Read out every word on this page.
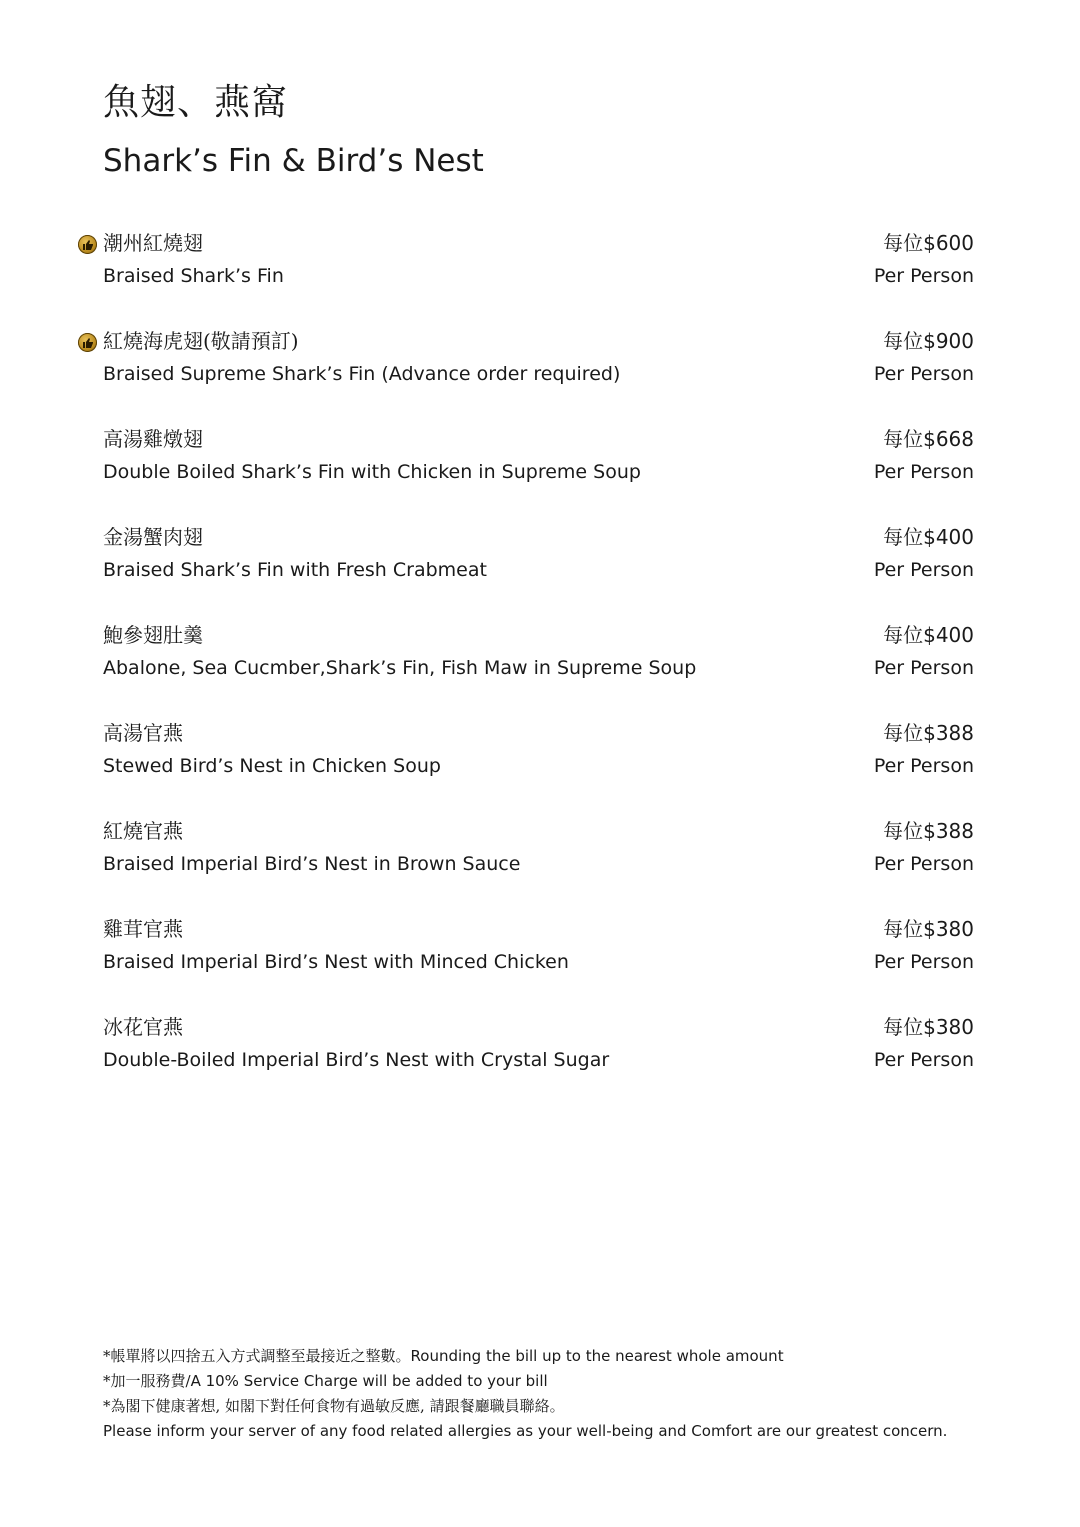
魚翅、燕窩
Shark’s Fin & Bird’s Nest
潮州紅燒翅
Braised Shark’s Fin
每位$600
Per Person
紅燒海虎翅(敬請預訂)
Braised Supreme Shark’s Fin (Advance order required)
每位$900
Per Person
高湯雞燉翅
Double Boiled Shark’s Fin with Chicken in Supreme Soup
每位$668
Per Person
金湯蟹肉翅
Braised Shark’s Fin with Fresh Crabmeat
每位$400
Per Person
鮑參翅肚羹
Abalone, Sea Cucmber,Shark’s Fin, Fish Maw in Supreme Soup
每位$400
Per Person
高湯官燕
Stewed Bird’s Nest in Chicken Soup
每位$388
Per Person
紅燒官燕
Braised Imperial Bird’s Nest in Brown Sauce
每位$388
Per Person
雞茸官燕
Braised Imperial Bird’s Nest with Minced Chicken
每位$380
Per Person
冰花官燕
Double-Boiled Imperial Bird’s Nest with Crystal Sugar
每位$380
Per Person
*帳單將以四捨五入方式調整至最接近之整數。Rounding the bill up to the nearest whole amount
*加一服務費/A 10% Service Charge will be added to your bill
*為閣下健康著想, 如閣下對任何食物有過敏反應, 請跟餐廳職員聯絡。
Please inform your server of any food related allergies as your well-being and Comfort are our greatest concern.
